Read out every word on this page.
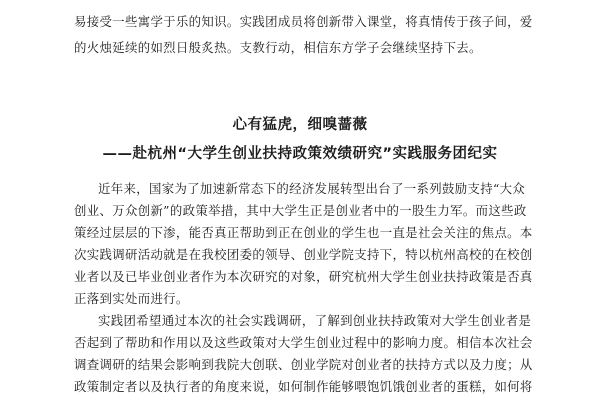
易接受一些寓学于乐的知识。实践团成员将创新带入课堂，将真情传于孩子间，爱
的火烛延续的如烈日般炙热。支教行动，相信东方学子会继续坚持下去。
心有猛虎，细嗅蔷薇
——赴杭州“大学生创业扶持政策效绩研究”实践服务团纪实
近年来，国家为了加速新常态下的经济发展转型出台了一系列鼓励支持“大众
创业、万众创新”的政策举措，其中大学生正是创业者中的一股生力军。而这些政
策经过层层的下渗，能否真正帮助到正在创业的学生也一直是社会关注的焦点。本
次实践调研活动就是在我校团委的领导、创业学院支持下，特以杭州高校的在校创
业者以及已毕业创业者作为本次研究的对象，研究杭州大学生创业扶持政策是否真
正落到实处而进行。
实践团希望通过本次的社会实践调研，了解到创业扶持政策对大学生创业者是
否起到了帮助和作用以及这些政策对大学生创业过程中的影响力度。相信本次社会
调查调研的结果会影响到我院大创联、创业学院对创业者的扶持方式以及力度；从
政策制定者以及执行者的角度来说，如何制作能够喂饱饥饿创业者的蛋糕，如何将
